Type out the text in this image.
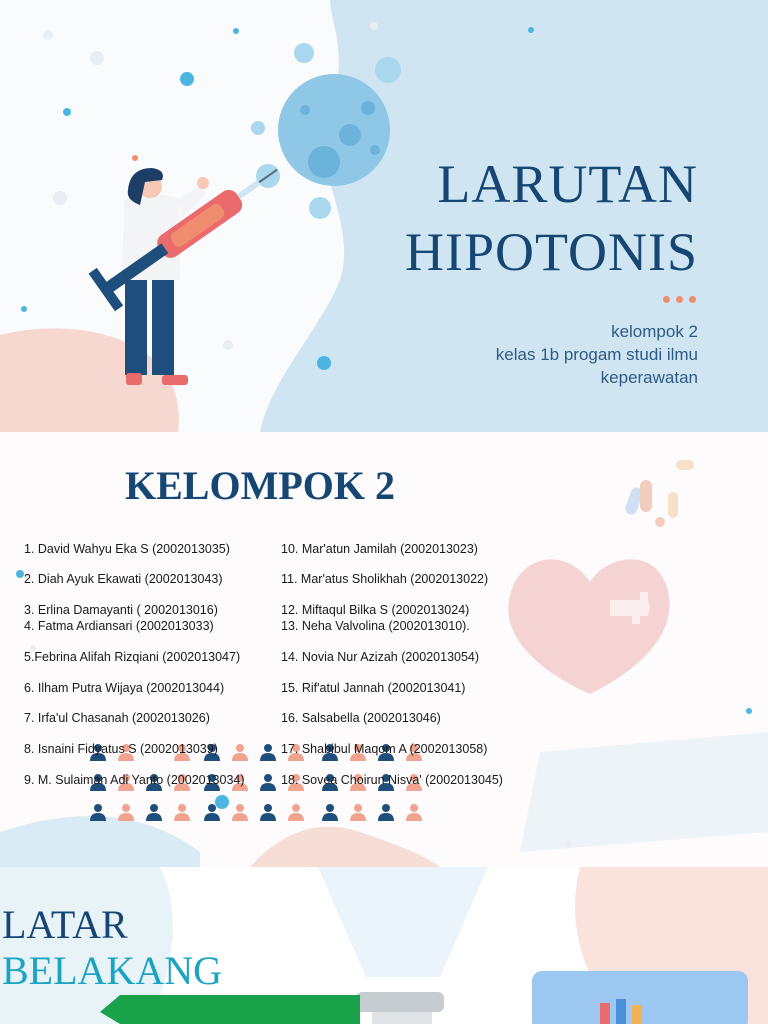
LARUTAN
HIPOTONIS
kelompok 2
kelas 1b progam studi ilmu
keperawatan
KELOMPOK 2
1. David Wahyu Eka S (2002013035)
2. Diah Ayuk Ekawati (2002013043)
3. Erlina Damayanti ( 2002013016)
4. Fatma Ardiansari (2002013033)
5.Febrina Alifah Rizqiani (2002013047)
6. Ilham Putra Wijaya (2002013044)
7. Irfa'ul Chasanah (2002013026)
8. Isnaini Fidyatus S (2002013039)
9. M. Sulaiman Adi Yanto (2002013034)
10. Mar'atun Jamilah (2002013023)
11. Mar'atus Sholikhah (2002013022)
12. Miftaqul Bilka S (2002013024)
13. Neha Valvolina (2002013010).
14. Novia Nur Azizah (2002013054)
15. Rif'atul Jannah (2002013041)
16. Salsabella (2002013046)
17. Shabibul Maqom A (2002013058)
18. Sovea Choirun Nisva' (2002013045)
LATAR
BELAKANG
